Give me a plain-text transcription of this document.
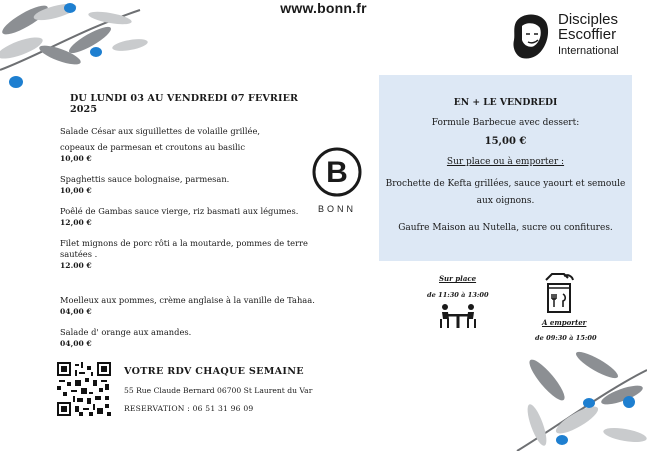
www.bonn.fr
Disciples
Escoffier
International
DU LUNDI 03 AU VENDREDI 07 FEVRIER 2025

Salade César aux siguillettes de volaille grillée,

copeaux de parmesan et croutons au basilic

10,00 €

Spaghettis sauce bolognaise, parmesan.

10,00 €

Poêlé de Gambas sauce vierge, riz basmati aux légumes.

12,00 €

Filet mignons de porc rôti a la moutarde, pommes de terre

sautées .

12.00 €

Moelleux aux pommes, crème anglaise à la vanille de Tahaa.

04,00 €

Salade d' orange aux amandes.

04,00 €

B
BONN
EN + LE VENDREDI
Formule Barbecue avec dessert:
15,00 €
Sur place ou à emporter :
Brochette de Kefta grillées, sauce yaourt et semoule aux oignons.
Gaufre Maison au Nutella, sucre ou confitures.
Sur place
de 11:30 à 13:00
A emporter
de 09:30 à 15:00
VOTRE RDV CHAQUE SEMAINE
55 Rue Claude Bernard 06700 St Laurent du Var
RESERVATION : 06 51 31 96 09
